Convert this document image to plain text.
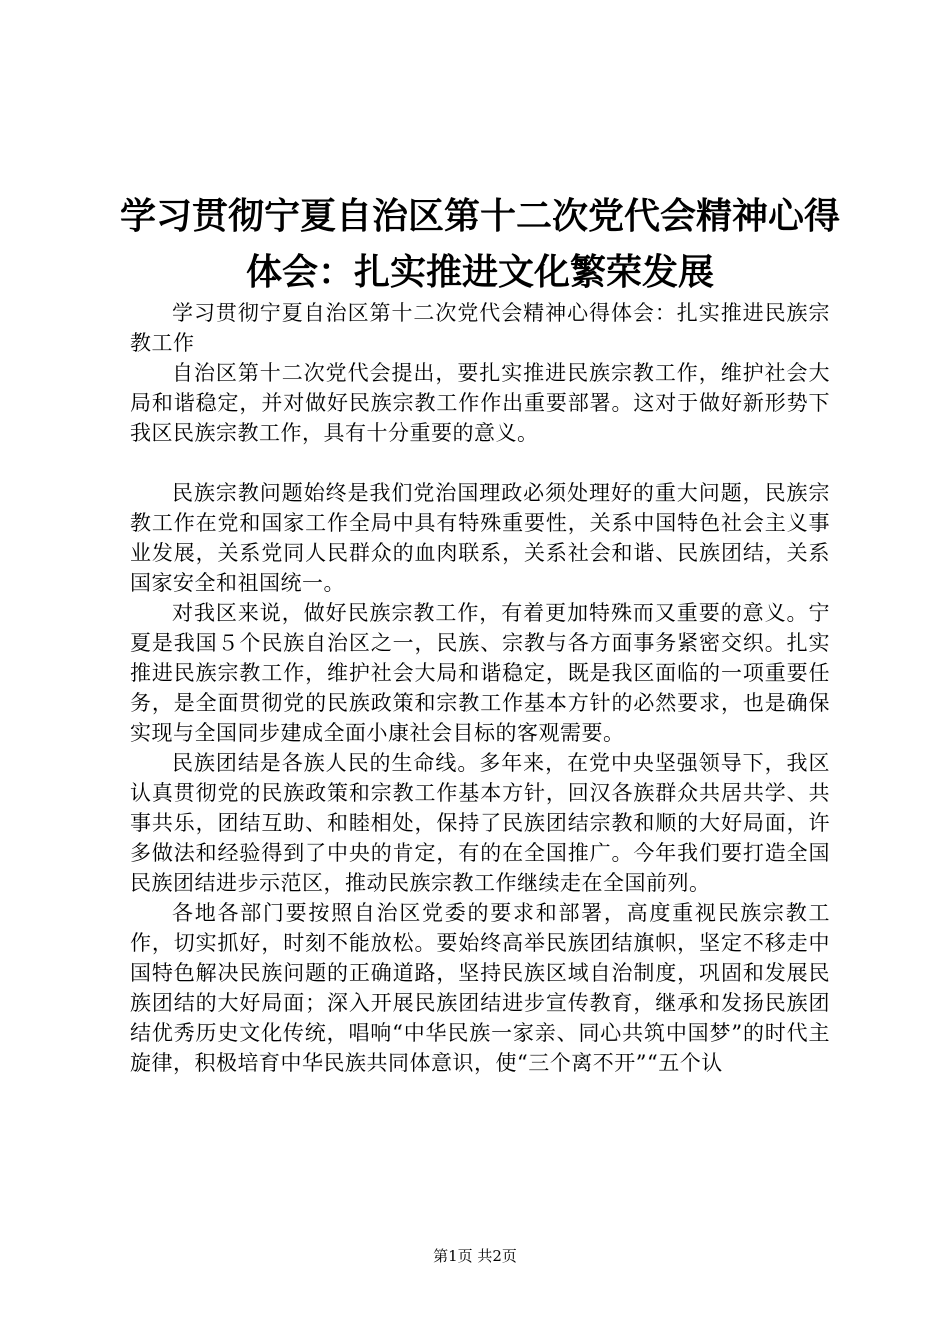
学习贯彻宁夏自治区第十二次党代会精神心得
体会：扎实推进文化繁荣发展

学习贯彻宁夏自治区第十二次党代会精神心得体会：扎实推进民族宗教工作

自治区第十二次党代会提出，要扎实推进民族宗教工作，维护社会大局和谐稳定，并对做好民族宗教工作作出重要部署。这对于做好新形势下我区民族宗教工作，具有十分重要的意义。

民族宗教问题始终是我们党治国理政必须处理好的重大问题，民族宗教工作在党和国家工作全局中具有特殊重要性，关系中国特色社会主义事业发展，关系党同人民群众的血肉联系，关系社会和谐、民族团结，关系国家安全和祖国统一。

对我区来说，做好民族宗教工作，有着更加特殊而又重要的意义。宁夏是我国５个民族自治区之一，民族、宗教与各方面事务紧密交织。扎实推进民族宗教工作，维护社会大局和谐稳定，既是我区面临的一项重要任务，是全面贯彻党的民族政策和宗教工作基本方针的必然要求，也是确保实现与全国同步建成全面小康社会目标的客观需要。

民族团结是各族人民的生命线。多年来，在党中央坚强领导下，我区认真贯彻党的民族政策和宗教工作基本方针，回汉各族群众共居共学、共事共乐，团结互助、和睦相处，保持了民族团结宗教和顺的大好局面，许多做法和经验得到了中央的肯定，有的在全国推广。今年我们要打造全国民族团结进步示范区，推动民族宗教工作继续走在全国前列。

各地各部门要按照自治区党委的要求和部署，高度重视民族宗教工作，切实抓好，时刻不能放松。要始终高举民族团结旗帜，坚定不移走中国特色解决民族问题的正确道路，坚持民族区域自治制度，巩固和发展民族团结的大好局面；深入开展民族团结进步宣传教育，继承和发扬民族团结优秀历史文化传统，唱响“中华民族一家亲、同心共筑中国梦”的时代主旋律，积极培育中华民族共同体意识，使“三个离不开”“五个认

第1页 共2页
